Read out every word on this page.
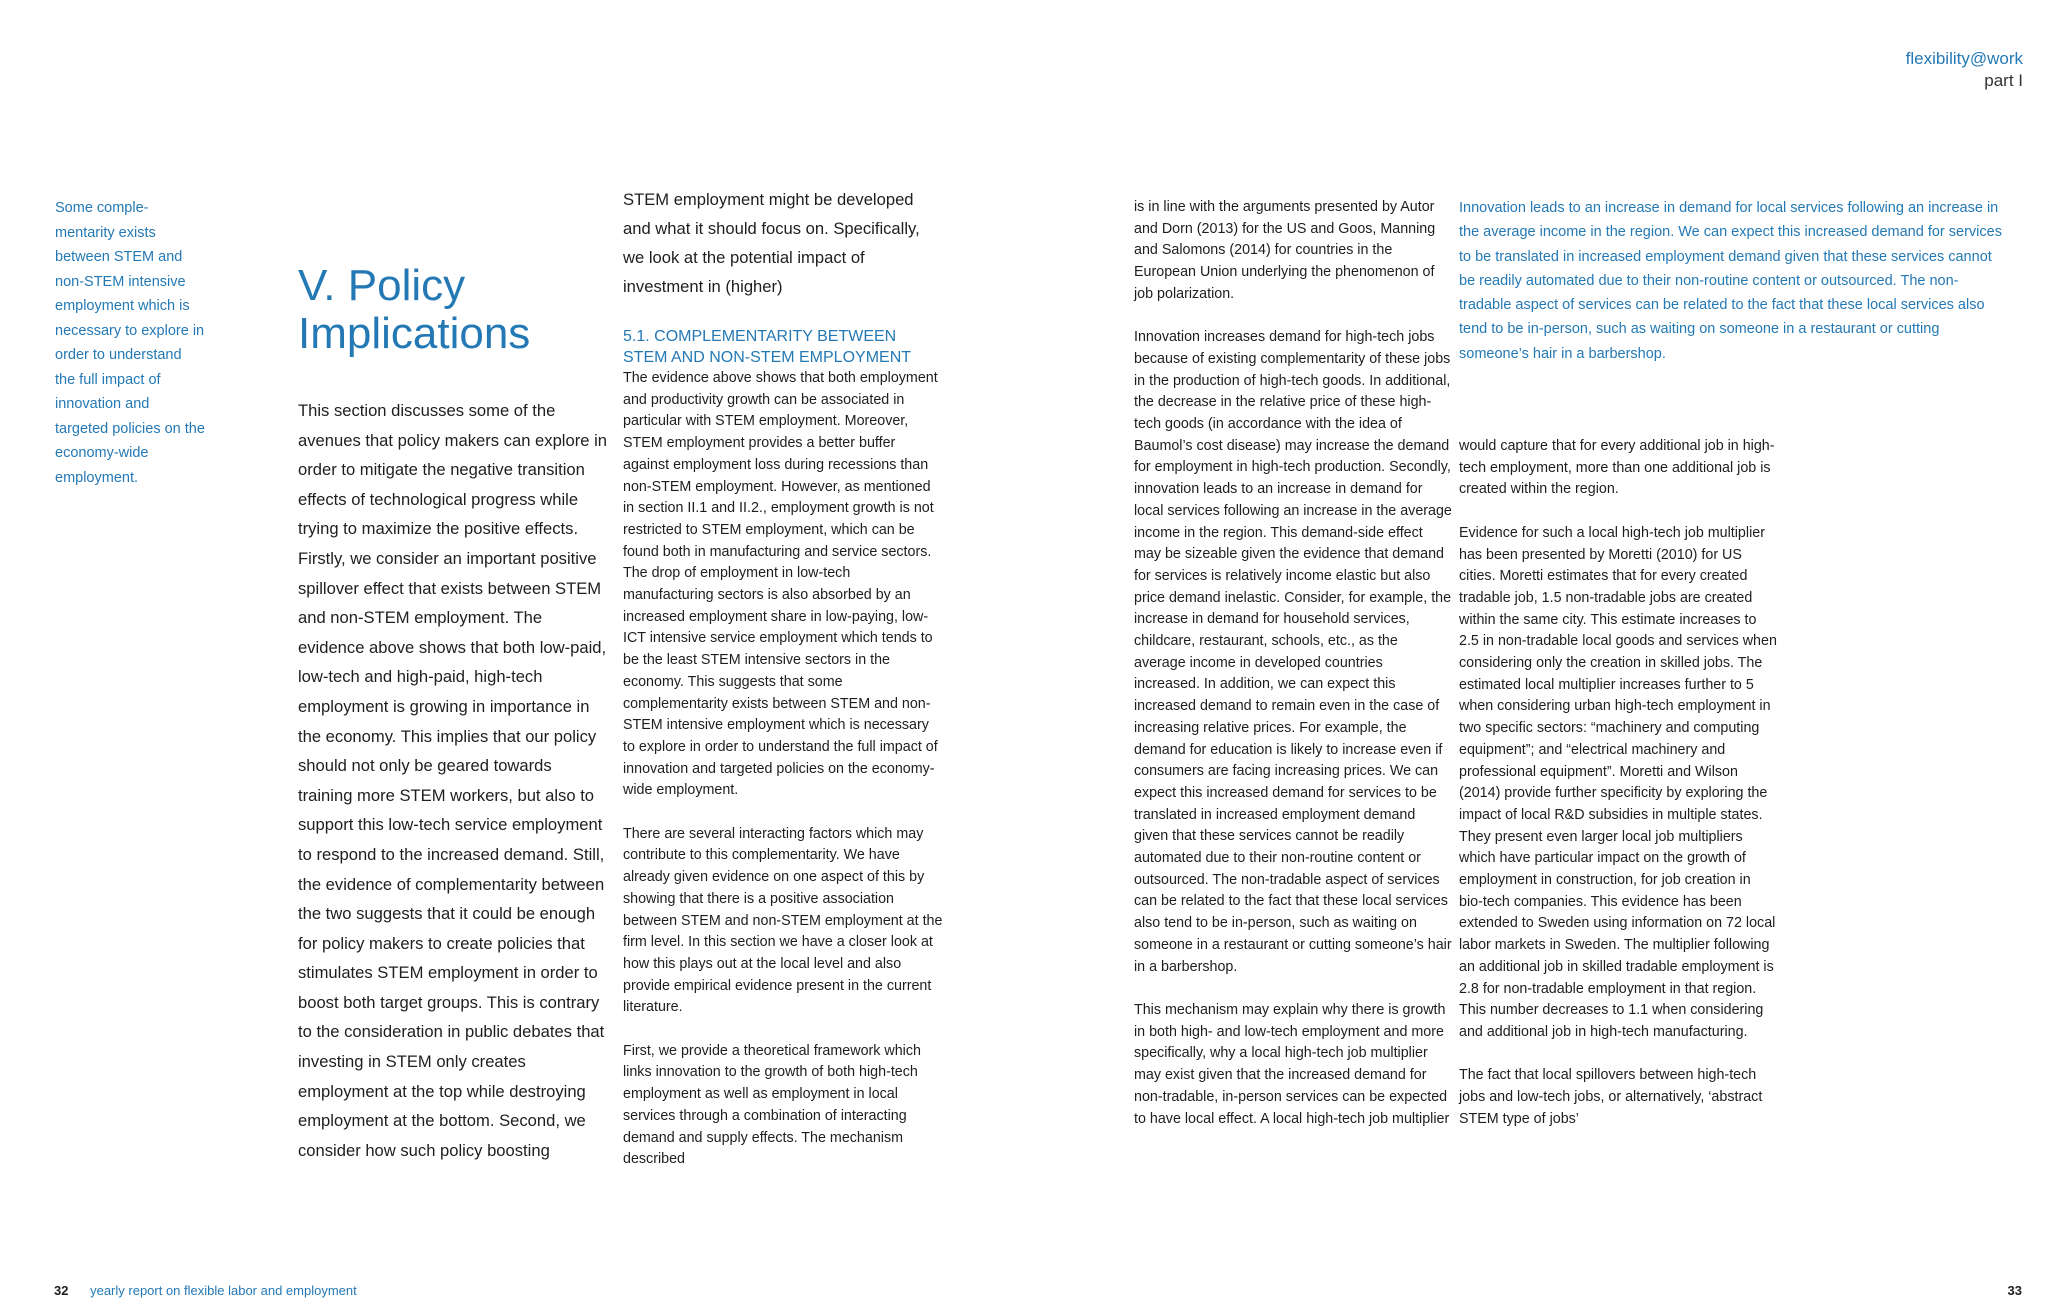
flexibility@work
part I
Some comple-mentarity exists between STEM and non-STEM intensive employment which is necessary to explore in order to understand the full impact of innovation and targeted policies on the economy-wide employment.
V. Policy
Implications
This section discusses some of the avenues that policy makers can explore in order to mitigate the negative transition effects of technological progress while trying to maximize the positive effects. Firstly, we consider an important positive spillover effect that exists between STEM and non-STEM employment. The evidence above shows that both low-paid, low-tech and high-paid, high-tech employment is growing in importance in the economy. This implies that our policy should not only be geared towards training more STEM workers, but also to support this low-tech service employment to respond to the increased demand. Still, the evidence of complementarity between the two suggests that it could be enough for policy makers to create policies that stimulates STEM employment in order to boost both target groups. This is contrary to the consideration in public debates that investing in STEM only creates employment at the top while destroying employment at the bottom. Second, we consider how such policy boosting
STEM employment might be developed and what it should focus on. Specifically, we look at the potential impact of investment in (higher)
5.1. COMPLEMENTARITY BETWEEN STEM AND NON-STEM EMPLOYMENT

The evidence above shows that both employment and productivity growth can be associated in particular with STEM employment. Moreover, STEM employment provides a better buffer against employment loss during recessions than non-STEM employment. However, as mentioned in section II.1 and II.2., employment growth is not restricted to STEM employment, which can be found both in manufacturing and service sectors. The drop of employment in low-tech manufacturing sectors is also absorbed by an increased employment share in low-paying, low-ICT intensive service employment which tends to be the least STEM intensive sectors in the economy. This suggests that some complementarity exists between STEM and non-STEM intensive employment which is necessary to explore in order to understand the full impact of innovation and targeted policies on the economy-wide employment.

There are several interacting factors which may contribute to this complementarity. We have already given evidence on one aspect of this by showing that there is a positive association between STEM and non-STEM employment at the firm level. In this section we have a closer look at how this plays out at the local level and also provide empirical evidence present in the current literature.

First, we provide a theoretical framework which links innovation to the growth of both high-tech employment as well as employment in local services through a combination of interacting demand and supply effects. The mechanism described

is in line with the arguments presented by Autor and Dorn (2013) for the US and Goos, Manning and Salomons (2014) for countries in the European Union underlying the phenomenon of job polarization.

Innovation increases demand for high-tech jobs because of existing complementarity of these jobs in the production of high-tech goods. In additional, the decrease in the relative price of these high-tech goods (in accordance with the idea of Baumol’s cost disease) may increase the demand for employment in high-tech production. Secondly, innovation leads to an increase in demand for local services following an increase in the average income in the region. This demand-side effect may be sizeable given the evidence that demand for services is relatively income elastic but also price demand inelastic. Consider, for example, the increase in demand for household services, childcare, restaurant, schools, etc., as the average income in developed countries increased. In addition, we can expect this increased demand to remain even in the case of increasing relative prices. For example, the demand for education is likely to increase even if consumers are facing increasing prices. We can expect this increased demand for services to be translated in increased employment demand given that these services cannot be readily automated due to their non-routine content or outsourced. The non-tradable aspect of services can be related to the fact that these local services also tend to be in-person, such as waiting on someone in a restaurant or cutting someone’s hair in a barbershop.

This mechanism may explain why there is growth in both high- and low-tech employment and more specifically, why a local high-tech job multiplier may exist given that the increased demand for non-tradable, in-person services can be expected to have local effect. A local high-tech job multiplier

Innovation leads to an increase in demand for local services following an increase in the average income in the region. We can expect this increased demand for services to be translated in increased employment demand given that these services cannot be readily automated due to their non-routine content or outsourced. The non-tradable aspect of services can be related to the fact that these local services also tend to be in-person, such as waiting on someone in a restaurant or cutting someone’s hair in a barbershop.

would capture that for every additional job in high-tech employment, more than one additional job is created within the region.

Evidence for such a local high-tech job multiplier has been presented by Moretti (2010) for US cities. Moretti estimates that for every created tradable job, 1.5 non-tradable jobs are created within the same city. This estimate increases to 2.5 in non-tradable local goods and services when considering only the creation in skilled jobs. The estimated local multiplier increases further to 5 when considering urban high-tech employment in two specific sectors: “machinery and computing equipment”; and “electrical machinery and professional equipment”. Moretti and Wilson (2014) provide further specificity by exploring the impact of local R&D subsidies in multiple states. They present even larger local job multipliers which have particular impact on the growth of employment in construction, for job creation in bio-tech companies. This evidence has been extended to Sweden using information on 72 local labor markets in Sweden. The multiplier following an additional job in skilled tradable employment is 2.8 for non-tradable employment in that region. This number decreases to 1.1 when considering and additional job in high-tech manufacturing.

The fact that local spillovers between high-tech jobs and low-tech jobs, or alternatively, ‘abstract STEM type of jobs’

32 yearly report on flexible labor and employment	33
